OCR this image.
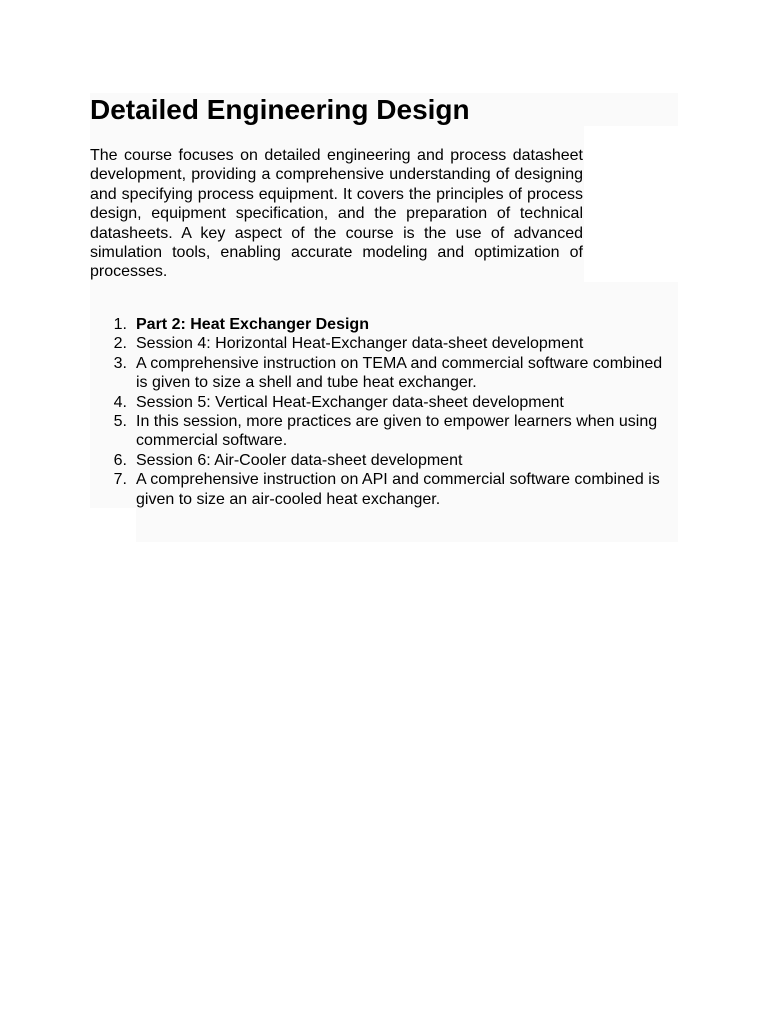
Detailed Engineering Design

The course focuses on detailed engineering and process datasheet development, providing a comprehensive understanding of designing and specifying process equipment. It covers the principles of process design, equipment specification, and the preparation of technical datasheets. A key aspect of the course is the use of advanced simulation tools, enabling accurate modeling and optimization of processes.

1. Part 2: Heat Exchanger Design
2. Session 4: Horizontal Heat-Exchanger data-sheet development
3. A comprehensive instruction on TEMA and commercial software combined is given to size a shell and tube heat exchanger.
4. Session 5: Vertical Heat-Exchanger data-sheet development
5. In this session, more practices are given to empower learners when using commercial software.
6. Session 6: Air-Cooler data-sheet development
7. A comprehensive instruction on API and commercial software combined is given to size an air-cooled heat exchanger.
